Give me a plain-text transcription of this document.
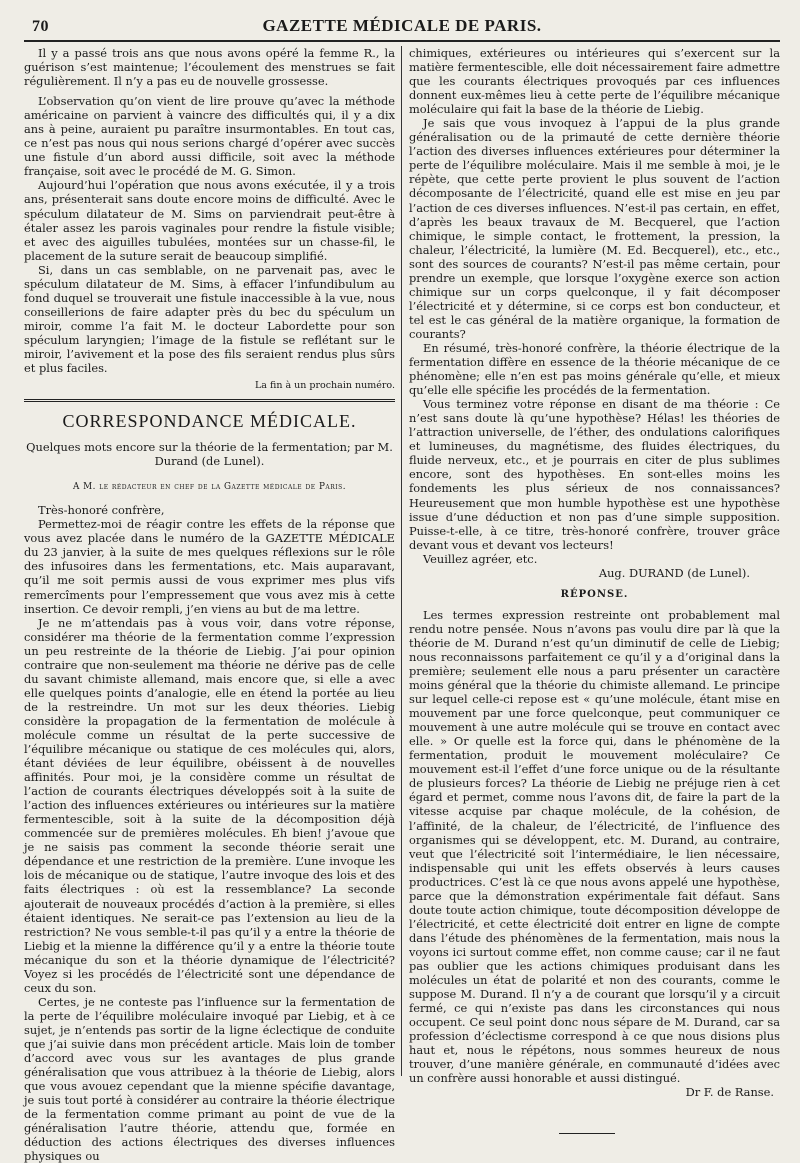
70	GAZETTE MÉDICALE DE PARIS.

Il y a passé trois ans que nous avons opéré la femme R., la guérison s’est maintenue; l’écoulement des menstrues se fait régulièrement. Il n’y a pas eu de nouvelle grossesse.

L’observation qu’on vient de lire prouve qu’avec la méthode américaine on parvient à vaincre des difficultés qui, il y a dix ans à peine, auraient pu paraître insurmontables. En tout cas, ce n’est pas nous qui nous serions chargé d’opérer avec succès une fistule d’un abord aussi difficile, soit avec la méthode française, soit avec le procédé de M. G. Simon.

Aujourd’hui l’opération que nous avons exécutée, il y a trois ans, présenterait sans doute encore moins de difficulté. Avec le spéculum dilatateur de M. Sims on parviendrait peut-être à étaler assez les parois vaginales pour rendre la fistule visible; et avec des aiguilles tubulées, montées sur un chasse-fil, le placement de la suture serait de beaucoup simplifié.

Si, dans un cas semblable, on ne parvenait pas, avec le spéculum dilatateur de M. Sims, à effacer l’infundibulum au fond duquel se trouverait une fistule inaccessible à la vue, nous conseillerions de faire adapter près du bec du spéculum un miroir, comme l’a fait M. le docteur Labordette pour son spéculum laryngien; l’image de la fistule se reflétant sur le miroir, l’avivement et la pose des fils seraient rendus plus sûrs et plus faciles.

La fin à un prochain numéro.

CORRESPONDANCE MÉDICALE.

Quelques mots encore sur la théorie de la fermentation; par M. Durand (de Lunel).

A M. le rédacteur en chef de la Gazette médicale de Paris.

Très-honoré confrère,

Permettez-moi de réagir contre les effets de la réponse que vous avez placée dans le numéro de la GAZETTE MÉDICALE du 23 janvier, à la suite de mes quelques réflexions sur le rôle des infusoires dans les fermentations, etc. Mais auparavant, qu’il me soit permis aussi de vous exprimer mes plus vifs remercîments pour l’empressement que vous avez mis à cette insertion. Ce devoir rempli, j’en viens au but de ma lettre.

Je ne m’attendais pas à vous voir, dans votre réponse, considérer ma théorie de la fermentation comme l’expression un peu restreinte de la théorie de Liebig. J’ai pour opinion contraire que non-seulement ma théorie ne dérive pas de celle du savant chimiste allemand, mais encore que, si elle a avec elle quelques points d’analogie, elle en étend la portée au lieu de la restreindre. Un mot sur les deux théories. Liebig considère la propagation de la fermentation de molécule à molécule comme un résultat de la perte successive de l’équilibre mécanique ou statique de ces molécules qui, alors, étant déviées de leur équilibre, obéissent à de nouvelles affinités. Pour moi, je la considère comme un résultat de l’action de courants électriques développés soit à la suite de l’action des influences extérieures ou intérieures sur la matière fermentescible, soit à la suite de la décomposition déjà commencée sur de premières molécules. Eh bien! j’avoue que je ne saisis pas comment la seconde théorie serait une dépendance et une restriction de la première. L’une invoque les lois de mécanique ou de statique, l’autre invoque des lois et des faits électriques : où est la ressemblance? La seconde ajouterait de nouveaux procédés d’action à la première, si elles étaient identiques. Ne serait-ce pas l’extension au lieu de la restriction? Ne vous semble-t-il pas qu’il y a entre la théorie de Liebig et la mienne la différence qu’il y a entre la théorie toute mécanique du son et la théorie dynamique de l’électricité? Voyez si les procédés de l’électricité sont une dépendance de ceux du son.

Certes, je ne conteste pas l’influence sur la fermentation de la perte de l’équilibre moléculaire invoqué par Liebig, et à ce sujet, je n’entends pas sortir de la ligne éclectique de conduite que j’ai suivie dans mon précédent article. Mais loin de tomber d’accord avec vous sur les avantages de plus grande généralisation que vous attribuez à la théorie de Liebig, alors que vous avouez cependant que la mienne spécifie davantage, je suis tout porté à considérer au contraire la théorie électrique de la fermentation comme primant au point de vue de la généralisation l’autre théorie, attendu que, formée en déduction des actions électriques des diverses influences physiques ou

chimiques, extérieures ou intérieures qui s’exercent sur la matière fermentescible, elle doit nécessairement faire admettre que les courants électriques provoqués par ces influences donnent eux-mêmes lieu à cette perte de l’équilibre mécanique moléculaire qui fait la base de la théorie de Liebig.

Je sais que vous invoquez à l’appui de la plus grande généralisation ou de la primauté de cette dernière théorie l’action des diverses influences extérieures pour déterminer la perte de l’équilibre moléculaire. Mais il me semble à moi, je le répète, que cette perte provient le plus souvent de l’action décomposante de l’électricité, quand elle est mise en jeu par l’action de ces diverses influences. N’est-il pas certain, en effet, d’après les beaux travaux de M. Becquerel, que l’action chimique, le simple contact, le frottement, la pression, la chaleur, l’électricité, la lumière (M. Ed. Becquerel), etc., etc., sont des sources de courants? N’est-il pas même certain, pour prendre un exemple, que lorsque l’oxygène exerce son action chimique sur un corps quelconque, il y fait décomposer l’électricité et y détermine, si ce corps est bon conducteur, et tel est le cas général de la matière organique, la formation de courants?

En résumé, très-honoré confrère, la théorie électrique de la fermentation diffère en essence de la théorie mécanique de ce phénomène; elle n’en est pas moins générale qu’elle, et mieux qu’elle elle spécifie les procédés de la fermentation.

Vous terminez votre réponse en disant de ma théorie : Ce n’est sans doute là qu’une hypothèse? Hélas! les théories de l’attraction universelle, de l’éther, des ondulations calorifiques et lumineuses, du magnétisme, des fluides électriques, du fluide nerveux, etc., et je pourrais en citer de plus sublimes encore, sont des hypothèses. En sont-elles moins les fondements les plus sérieux de nos connaissances? Heureusement que mon humble hypothèse est une hypothèse issue d’une déduction et non pas d’une simple supposition. Puisse-t-elle, à ce titre, très-honoré confrère, trouver grâce devant vous et devant vos lecteurs!

Veuillez agréer, etc.

Aug. DURAND (de Lunel).

RÉPONSE.

Les termes expression restreinte ont probablement mal rendu notre pensée. Nous n’avons pas voulu dire par là que la théorie de M. Durand n’est qu’un diminutif de celle de Liebig; nous reconnaissons parfaitement ce qu’il y a d’original dans la première; seulement elle nous a paru présenter un caractère moins général que la théorie du chimiste allemand. Le principe sur lequel celle-ci repose est « qu’une molécule, étant mise en mouvement par une force quelconque, peut communiquer ce mouvement à une autre molécule qui se trouve en contact avec elle. » Or quelle est la force qui, dans le phénomène de la fermentation, produit le mouvement moléculaire? Ce mouvement est-il l’effet d’une force unique ou de la résultante de plusieurs forces? La théorie de Liebig ne préjuge rien à cet égard et permet, comme nous l’avons dit, de faire la part de la vitesse acquise par chaque molécule, de la cohésion, de l’affinité, de la chaleur, de l’électricité, de l’influence des organismes qui se développent, etc. M. Durand, au contraire, veut que l’électricité soit l’intermédiaire, le lien nécessaire, indispensable qui unit les effets observés à leurs causes productrices. C’est là ce que nous avons appelé une hypothèse, parce que la démonstration expérimentale fait défaut. Sans doute toute action chimique, toute décomposition développe de l’électricité, et cette électricité doit entrer en ligne de compte dans l’étude des phénomènes de la fermentation, mais nous la voyons ici surtout comme effet, non comme cause; car il ne faut pas oublier que les actions chimiques produisant dans les molécules un état de polarité et non des courants, comme le suppose M. Durand. Il n’y a de courant que lorsqu’il y a circuit fermé, ce qui n’existe pas dans les circonstances qui nous occupent. Ce seul point donc nous sépare de M. Durand, car sa profession d’éclectisme correspond à ce que nous disions plus haut et, nous le répétons, nous sommes heureux de nous trouver, d’une manière générale, en communauté d’idées avec un confrère aussi honorable et aussi distingué.

Dr F. de Ranse.
